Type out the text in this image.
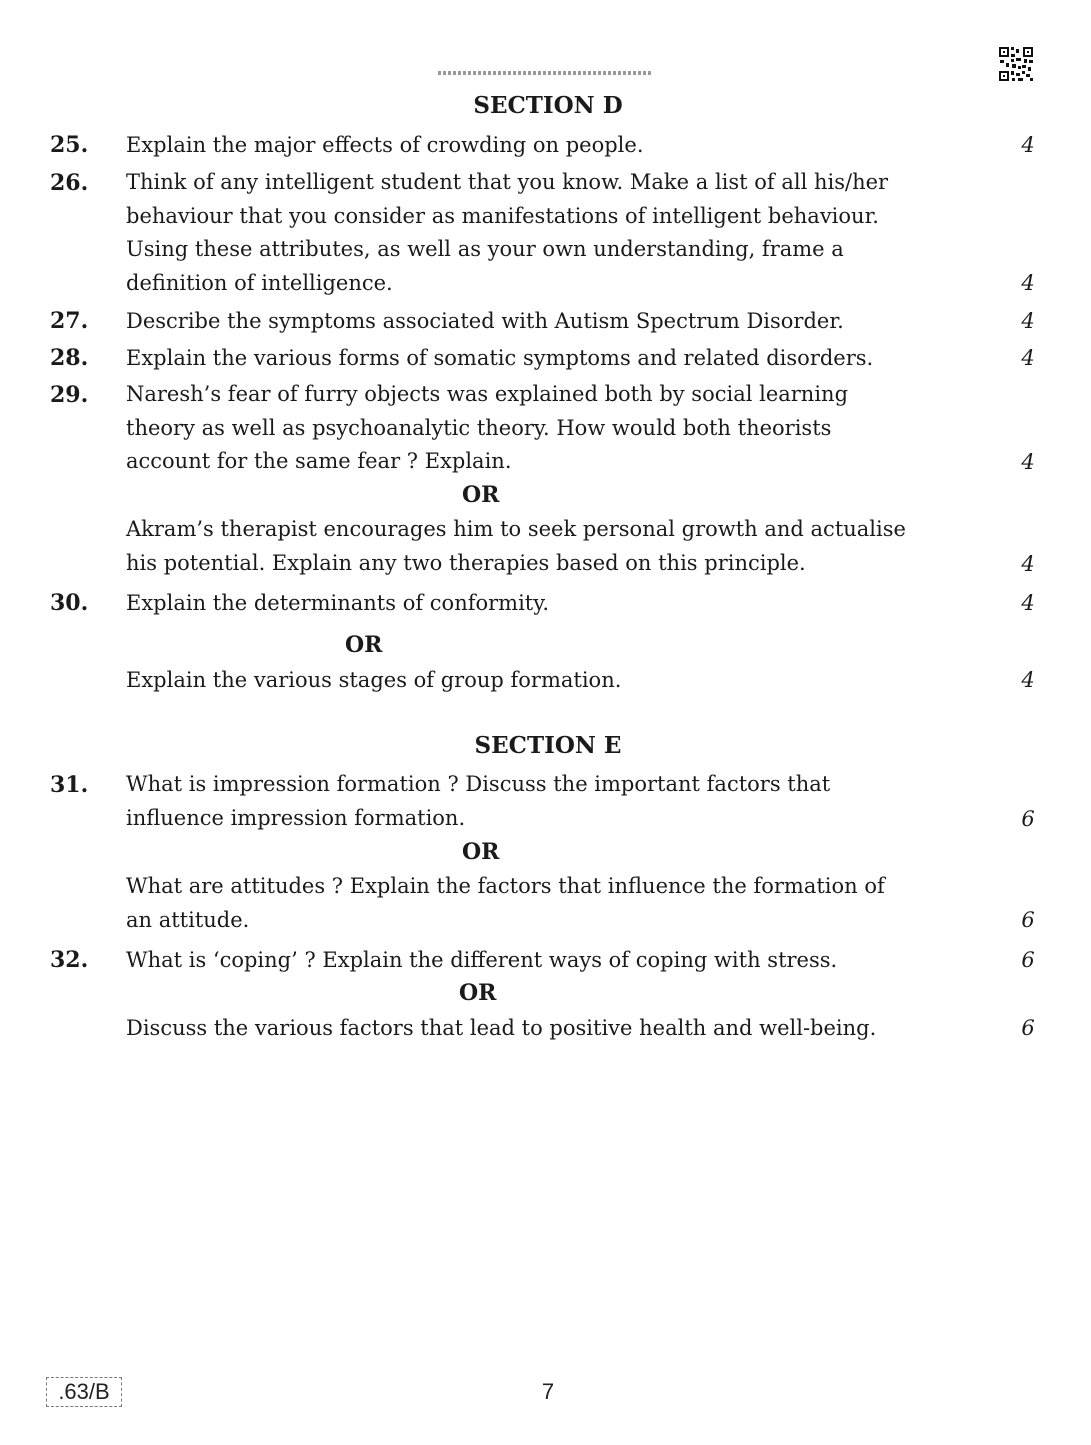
SECTION D
25. Explain the major effects of crowding on people.	4
26. Think of any intelligent student that you know. Make a list of all his/her
behaviour that you consider as manifestations of intelligent behaviour.
Using these attributes, as well as your own understanding, frame a
definition of intelligence.	4
27. Describe the symptoms associated with Autism Spectrum Disorder.	4
28. Explain the various forms of somatic symptoms and related disorders.	4
29. Naresh’s fear of furry objects was explained both by social learning
theory as well as psychoanalytic theory. How would both theorists
account for the same fear ? Explain.	4
OR

Akram’s therapist encourages him to seek personal growth and actualise
his potential. Explain any two therapies based on this principle.	4
30. Explain the determinants of conformity.	4
OR

Explain the various stages of group formation.	4
SECTION E
31. What is impression formation ? Discuss the important factors that
influence impression formation.	6
OR

What are attitudes ? Explain the factors that influence the formation of
an attitude.	6
32. What is ‘coping’ ? Explain the different ways of coping with stress.	6
OR

Discuss the various factors that lead to positive health and well-being.	6
.63/B	7
